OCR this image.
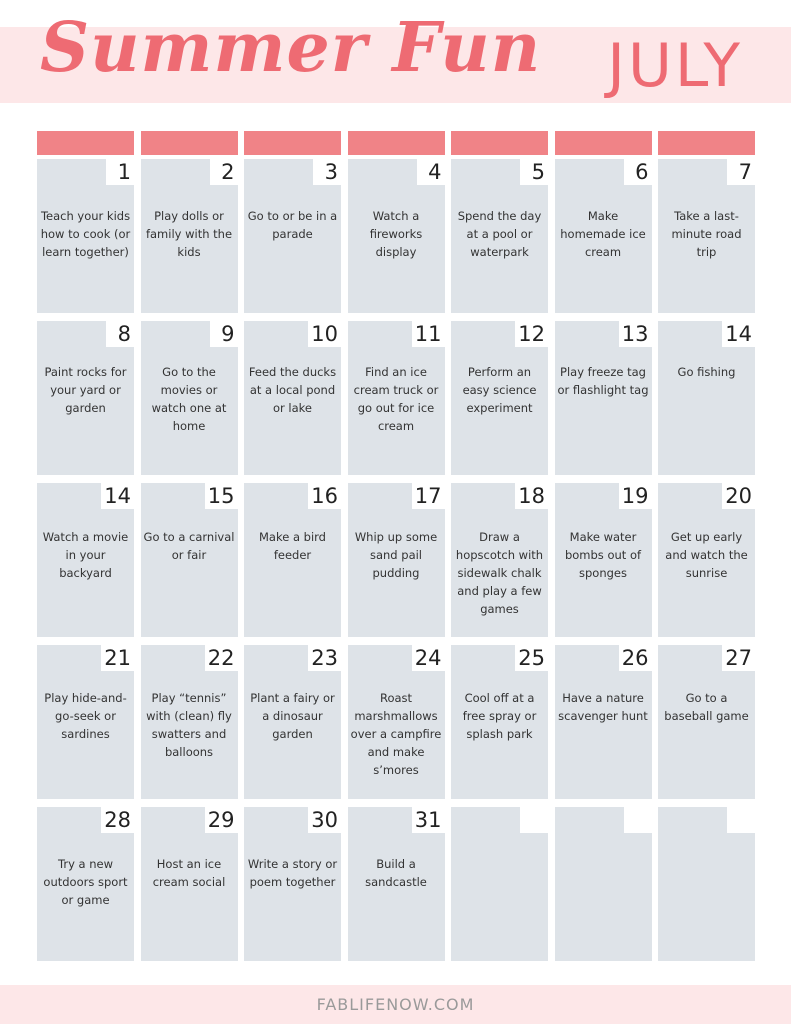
Summer Fun JULY
1
Teach your kids how to cook (or learn together)
2
Play dolls or family with the kids
3
Go to or be in a parade
4
Watch a fireworks display
5
Spend the day at a pool or waterpark
6
Make homemade ice cream
7
Take a last-minute road trip
8
Paint rocks for your yard or garden
9
Go to the movies or watch one at home
10
Feed the ducks at a local pond or lake
11
Find an ice cream truck or go out for ice cream
12
Perform an easy science experiment
13
Play freeze tag or flashlight tag
14
Go fishing
14
Watch a movie in your backyard
15
Go to a carnival or fair
16
Make a bird feeder
17
Whip up some sand pail pudding
18
Draw a hopscotch with sidewalk chalk and play a few games
19
Make water bombs out of sponges
20
Get up early and watch the sunrise
21
Play hide-and-go-seek or sardines
22
Play “tennis” with (clean) fly swatters and balloons
23
Plant a fairy or a dinosaur garden
24
Roast marshmallows over a campfire and make s’mores
25
Cool off at a free spray or splash park
26
Have a nature scavenger hunt
27
Go to a baseball game
28
Try a new outdoors sport or game
29
Host an ice cream social
30
Write a story or poem together
31
Build a sandcastle
FABLIFENOW.COM
